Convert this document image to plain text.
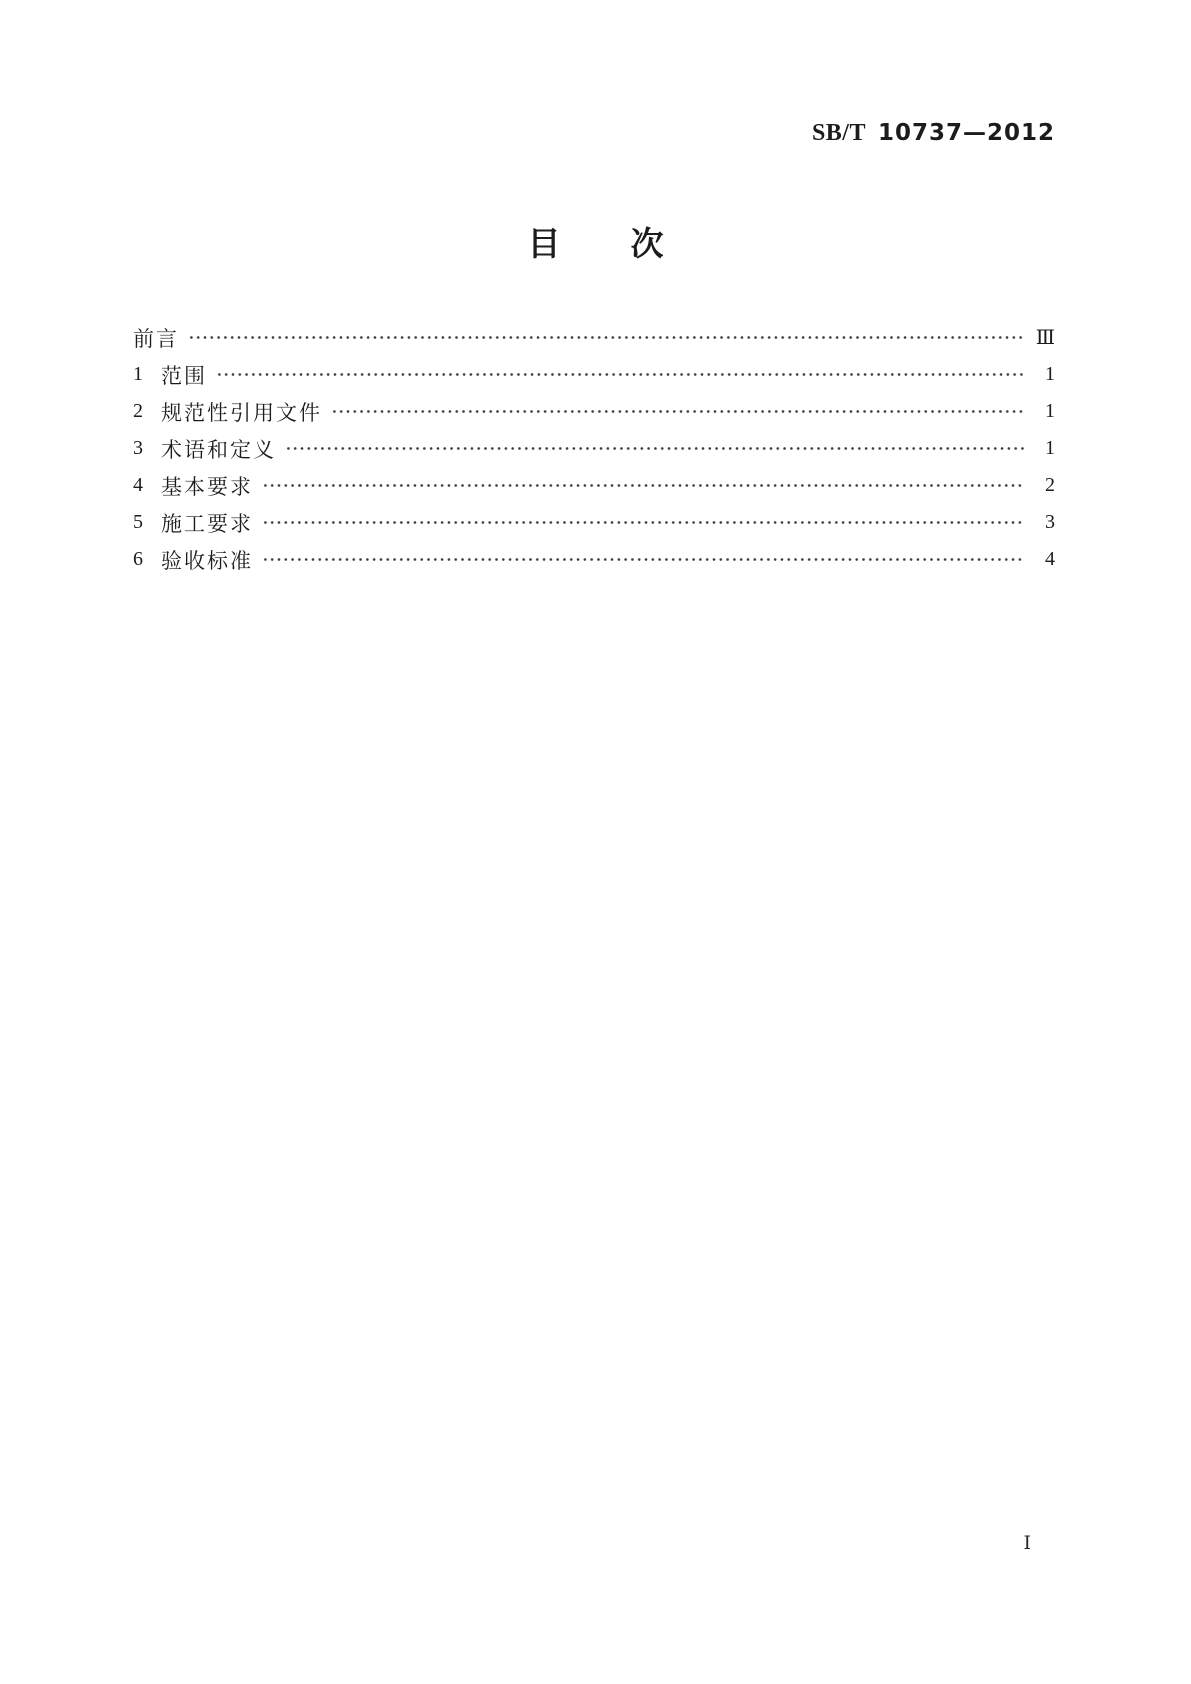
SB/T 10737—2012
目 次
前言	Ⅲ
1 范围	1
2 规范性引用文件	1
3 术语和定义	1
4 基本要求	2
5 施工要求	3
6 验收标准	4
Ⅰ
